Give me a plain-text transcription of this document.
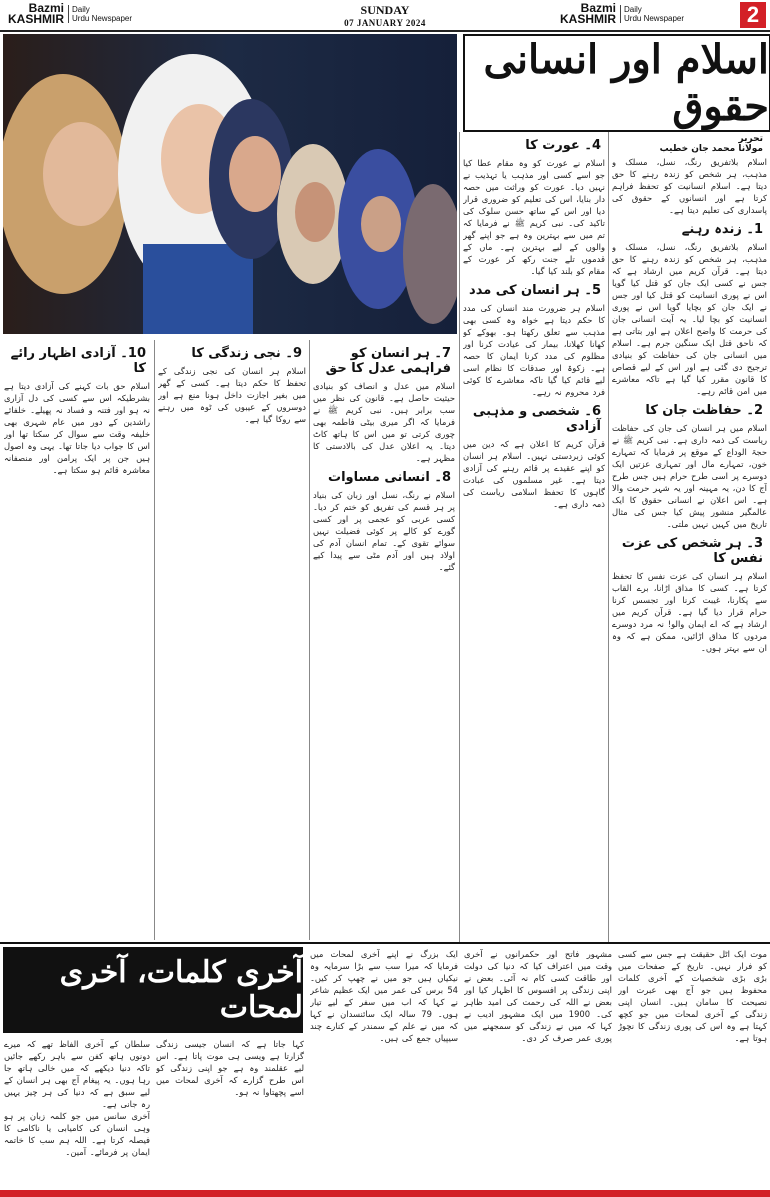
Bazmi
KASHMIR
Daily
Urdu Newspaper
SUNDAY
07 JANUARY 2024
Bazmi
KASHMIR
Daily
Urdu Newspaper	2
اسلام اور انسانی حقوق
تحریر
مولانا محمد جان خطیب
اسلام بلاتفریق رنگ، نسل، مسلک و مذہب، ہر شخص کو زندہ رہنے کا حق دیتا ہے۔ اسلام انسانیت کو تحفظ فراہم کرتا ہے اور انسانوں کے حقوق کی پاسداری کی تعلیم دیتا ہے۔
1۔ زندہ رہنے
اسلام بلاتفریق رنگ، نسل، مسلک و مذہب، ہر شخص کو زندہ رہنے کا حق دیتا ہے۔ قرآن کریم میں ارشاد ہے کہ جس نے کسی ایک جان کو قتل کیا گویا اس نے پوری انسانیت کو قتل کیا اور جس نے ایک جان کو بچایا گویا اس نے پوری انسانیت کو بچا لیا۔ یہ آیت انسانی جان کی حرمت کا واضح اعلان ہے اور بتاتی ہے کہ ناحق قتل ایک سنگین جرم ہے۔ اسلام میں انسانی جان کی حفاظت کو بنیادی ترجیح دی گئی ہے اور اس کے لیے قصاص کا قانون مقرر کیا گیا ہے تاکہ معاشرے میں امن قائم رہے۔
2۔ حفاظت جان کا
اسلام میں ہر انسان کی جان کی حفاظت ریاست کی ذمہ داری ہے۔ نبی کریم ﷺ نے حجۃ الوداع کے موقع پر فرمایا کہ تمہارے خون، تمہارے مال اور تمہاری عزتیں ایک دوسرے پر اسی طرح حرام ہیں جس طرح آج کا دن، یہ مہینہ اور یہ شہر حرمت والا ہے۔ اس اعلان نے انسانی حقوق کا ایک عالمگیر منشور پیش کیا جس کی مثال تاریخ میں کہیں نہیں ملتی۔
3۔ ہر شخص کی عزت نفس کا
اسلام ہر انسان کی عزت نفس کا تحفظ کرتا ہے۔ کسی کا مذاق اڑانا، برے القاب سے پکارنا، غیبت کرنا اور تجسس کرنا حرام قرار دیا گیا ہے۔ قرآن کریم میں ارشاد ہے کہ اے ایمان والو! نہ مرد دوسرے مردوں کا مذاق اڑائیں، ممکن ہے کہ وہ ان سے بہتر ہوں۔
4۔ عورت کا
اسلام نے عورت کو وہ مقام عطا کیا جو اسے کسی اور مذہب یا تہذیب نے نہیں دیا۔ عورت کو وراثت میں حصہ دار بنایا، اس کی تعلیم کو ضروری قرار دیا اور اس کے ساتھ حسن سلوک کی تاکید کی۔ نبی کریم ﷺ نے فرمایا کہ تم میں سے بہترین وہ ہے جو اپنے گھر والوں کے لیے بہترین ہے۔ ماں کے قدموں تلے جنت رکھ کر عورت کے مقام کو بلند کیا گیا۔
5۔ ہر انسان کی مدد
اسلام ہر ضرورت مند انسان کی مدد کا حکم دیتا ہے خواہ وہ کسی بھی مذہب سے تعلق رکھتا ہو۔ بھوکے کو کھانا کھلانا، بیمار کی عیادت کرنا اور مظلوم کی مدد کرنا ایمان کا حصہ ہے۔ زکوۃ اور صدقات کا نظام اسی لیے قائم کیا گیا تاکہ معاشرے کا کوئی فرد محروم نہ رہے۔
6۔ شخصی و مذہبی آزادی
قرآن کریم کا اعلان ہے کہ دین میں کوئی زبردستی نہیں۔ اسلام ہر انسان کو اپنے عقیدے پر قائم رہنے کی آزادی دیتا ہے۔ غیر مسلموں کی عبادت گاہوں کا تحفظ اسلامی ریاست کی ذمہ داری ہے۔
7۔ ہر انسان کو فراہمی عدل کا حق
اسلام میں عدل و انصاف کو بنیادی حیثیت حاصل ہے۔ قانون کی نظر میں سب برابر ہیں۔ نبی کریم ﷺ نے فرمایا کہ اگر میری بیٹی فاطمہ بھی چوری کرتی تو میں اس کا ہاتھ کاٹ دیتا۔ یہ اعلان عدل کی بالادستی کا مظہر ہے۔
8۔ انسانی مساوات
اسلام نے رنگ، نسل اور زبان کی بنیاد پر ہر قسم کی تفریق کو ختم کر دیا۔ کسی عربی کو عجمی پر اور کسی گورے کو کالے پر کوئی فضیلت نہیں سوائے تقوی کے۔ تمام انسان آدم کی اولاد ہیں اور آدم مٹی سے پیدا کیے گئے۔
9۔ نجی زندگی کا
اسلام ہر انسان کی نجی زندگی کے تحفظ کا حکم دیتا ہے۔ کسی کے گھر میں بغیر اجازت داخل ہونا منع ہے اور دوسروں کے عیبوں کی ٹوہ میں رہنے سے روکا گیا ہے۔
10۔ آزادی اظہار رائے کا
اسلام حق بات کہنے کی آزادی دیتا ہے بشرطیکہ اس سے کسی کی دل آزاری نہ ہو اور فتنہ و فساد نہ پھیلے۔ خلفائے راشدین کے دور میں عام شہری بھی خلیفہ وقت سے سوال کر سکتا تھا اور اس کا جواب دیا جاتا تھا۔ یہی وہ اصول ہیں جن پر ایک پرامن اور منصفانہ معاشرہ قائم ہو سکتا ہے۔
آخری کلمات، آخری لمحات
موت ایک اٹل حقیقت ہے جس سے کسی کو فرار نہیں۔ تاریخ کے صفحات میں بڑی بڑی شخصیات کے آخری کلمات محفوظ ہیں جو آج بھی عبرت اور نصیحت کا سامان ہیں۔ انسان اپنی زندگی کے آخری لمحات میں جو کچھ کہتا ہے وہ اس کی پوری زندگی کا نچوڑ ہوتا ہے۔
مشہور فاتح اور حکمرانوں نے آخری وقت میں اعتراف کیا کہ دنیا کی دولت اور طاقت کسی کام نہ آئی۔ بعض نے اپنی زندگی پر افسوس کا اظہار کیا اور بعض نے اللہ کی رحمت کی امید ظاہر کی۔ 1900 میں ایک مشہور ادیب نے کہا کہ میں نے زندگی کو سمجھنے میں پوری عمر صرف کر دی۔
ایک بزرگ نے اپنے آخری لمحات میں فرمایا کہ میرا سب سے بڑا سرمایہ وہ نیکیاں ہیں جو میں نے چھپ کر کیں۔ 54 برس کی عمر میں ایک عظیم شاعر نے کہا کہ اب میں سفر کے لیے تیار ہوں۔ 79 سالہ ایک سائنسدان نے کہا کہ میں نے علم کے سمندر کے کنارے چند سیپیاں جمع کی ہیں۔
کہا جاتا ہے کہ انسان جیسی زندگی گزارتا ہے ویسی ہی موت پاتا ہے۔ اس لیے عقلمند وہ ہے جو اپنی زندگی کو اس طرح گزارے کہ آخری لمحات میں اسے پچھتاوا نہ ہو۔
سلطان کے آخری الفاظ تھے کہ میرے دونوں ہاتھ کفن سے باہر رکھے جائیں تاکہ دنیا دیکھے کہ میں خالی ہاتھ جا رہا ہوں۔ یہ پیغام آج بھی ہر انسان کے لیے سبق ہے کہ دنیا کی ہر چیز یہیں رہ جانی ہے۔
آخری سانس میں جو کلمہ زبان پر ہو وہی انسان کی کامیابی یا ناکامی کا فیصلہ کرتا ہے۔ اللہ ہم سب کا خاتمہ ایمان پر فرمائے۔ آمین۔
